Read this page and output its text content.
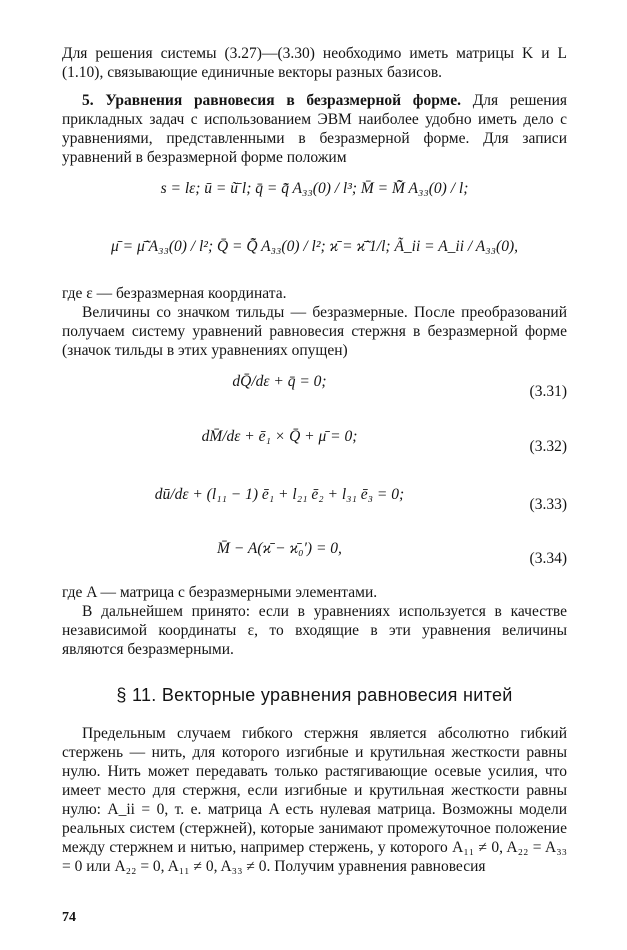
Для решения системы (3.27)—(3.30) необходимо иметь матрицы K и L (1.10), связывающие единичные векторы разных базисов.

5. Уравнения равновесия в безразмерной форме. Для решения прикладных задач с использованием ЭВМ наиболее удобно иметь дело с уравнениями, представленными в безразмерной форме. Для записи уравнений в безразмерной форме положим

s = lε; ū = ũ̄ l; q̄ = q̃̄ A₃₃(0) / l³; M̄ = M̃̄ A₃₃(0) / l;
μ̄ = μ̃̄ A₃₃(0) / l²; Q̄ = Q̃̄ A₃₃(0) / l²; ϰ̄ = ϰ̃̄ 1/l; Ã_ii = A_ii / A₃₃(0),

где ε — безразмерная координата.

Величины со значком тильды — безразмерные. После преобразований получаем систему уравнений равновесия стержня в безразмерной форме (значок тильды в этих уравнениях опущен)

dQ̄/dε + q̄ = 0;
(3.31)
dM̄/dε + ē₁ × Q̄ + μ̄ = 0;
(3.32)
dū/dε + (l₁₁ − 1) ē₁ + l₂₁ ē₂ + l₃₁ ē₃ = 0;
(3.33)
M̄ − A(ϰ̄ − ϰ̄₀′) = 0,
(3.34)

где A — матрица с безразмерными элементами.

В дальнейшем принято: если в уравнениях используется в качестве независимой координаты ε, то входящие в эти уравнения величины являются безразмерными.

§ 11. Векторные уравнения равновесия нитей

Предельным случаем гибкого стержня является абсолютно гибкий стержень — нить, для которого изгибные и крутильная жесткости равны нулю. Нить может передавать только растягивающие осевые усилия, что имеет место для стержня, если изгибные и крутильная жесткости равны нулю: A_ii = 0, т. е. матрица A есть нулевая матрица. Возможны модели реальных систем (стержней), которые занимают промежуточное положение между стержнем и нитью, например стержень, у которого A₁₁ ≠ 0, A₂₂ = A₃₃ = 0 или A₂₂ = 0, A₁₁ ≠ 0, A₃₃ ≠ 0. Получим уравнения равновесия

74
